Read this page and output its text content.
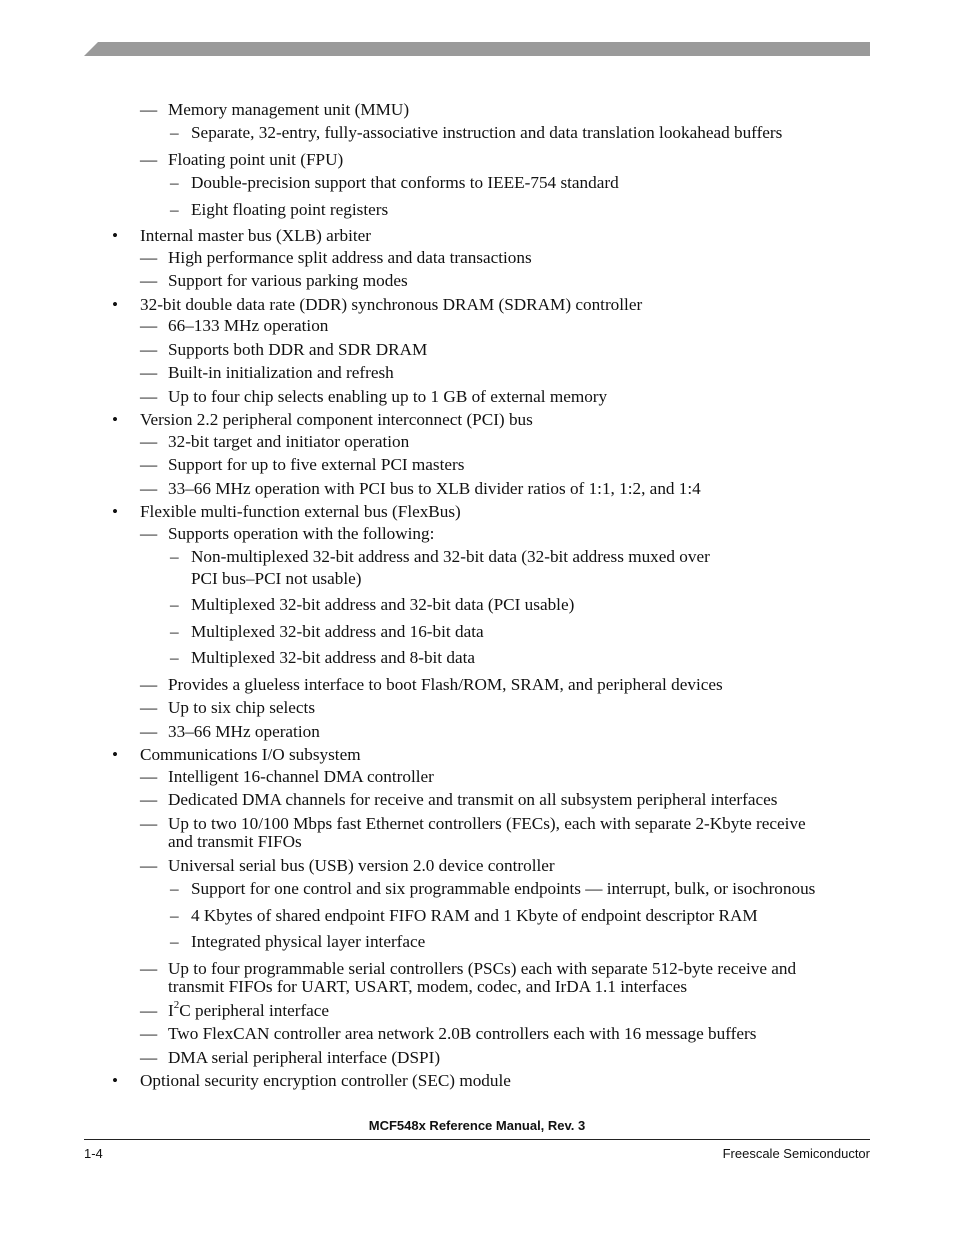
— Memory management unit (MMU)
– Separate, 32-entry, fully-associative instruction and data translation lookahead buffers
— Floating point unit (FPU)
– Double-precision support that conforms to IEEE-754 standard
– Eight floating point registers
• Internal master bus (XLB) arbiter
— High performance split address and data transactions
— Support for various parking modes
• 32-bit double data rate (DDR) synchronous DRAM (SDRAM) controller
— 66–133 MHz operation
— Supports both DDR and SDR DRAM
— Built-in initialization and refresh
— Up to four chip selects enabling up to 1 GB of external memory
• Version 2.2 peripheral component interconnect (PCI) bus
— 32-bit target and initiator operation
— Support for up to five external PCI masters
— 33–66 MHz operation with PCI bus to XLB divider ratios of 1:1, 1:2, and 1:4
• Flexible multi-function external bus (FlexBus)
— Supports operation with the following:
– Non-multiplexed 32-bit address and 32-bit data (32-bit address muxed over
PCI bus–PCI not usable)
– Multiplexed 32-bit address and 32-bit data (PCI usable)
– Multiplexed 32-bit address and 16-bit data
– Multiplexed 32-bit address and 8-bit data
— Provides a glueless interface to boot Flash/ROM, SRAM, and peripheral devices
— Up to six chip selects
— 33–66 MHz operation
• Communications I/O subsystem
— Intelligent 16-channel DMA controller
— Dedicated DMA channels for receive and transmit on all subsystem peripheral interfaces
— Up to two 10/100 Mbps fast Ethernet controllers (FECs), each with separate 2-Kbyte receive
and transmit FIFOs
— Universal serial bus (USB) version 2.0 device controller
– Support for one control and six programmable endpoints — interrupt, bulk, or isochronous
– 4 Kbytes of shared endpoint FIFO RAM and 1 Kbyte of endpoint descriptor RAM
– Integrated physical layer interface
— Up to four programmable serial controllers (PSCs) each with separate 512-byte receive and
transmit FIFOs for UART, USART, modem, codec, and IrDA 1.1 interfaces
— $I^2C$ peripheral interface
— Two FlexCAN controller area network 2.0B controllers each with 16 message buffers
— DMA serial peripheral interface (DSPI)
• Optional security encryption controller (SEC) module
MCF548x Reference Manual, Rev. 3
1-4	Freescale Semiconductor
